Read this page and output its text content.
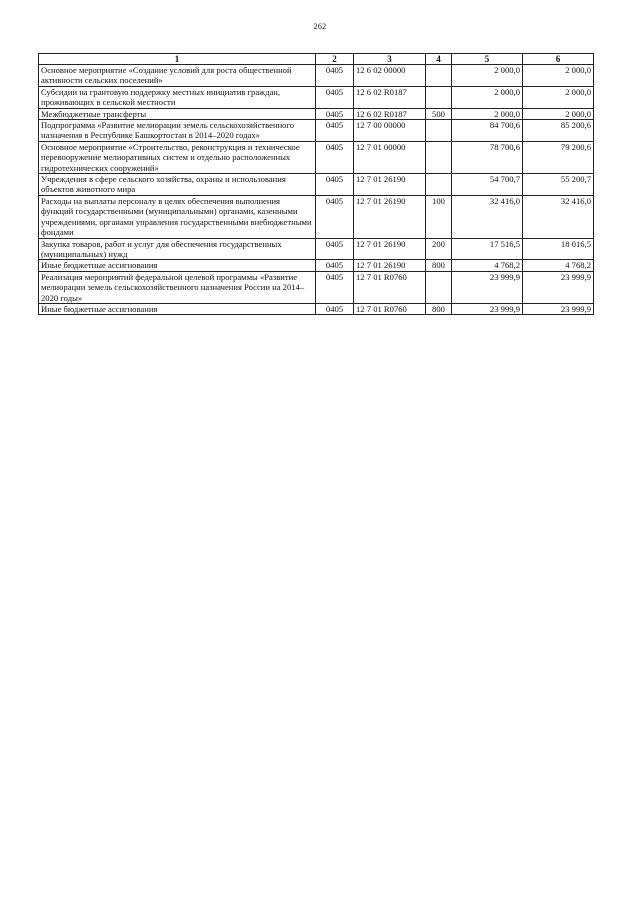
262
1	2	3	4	5	6
Основное мероприятие «Создание условий для роста общественной активности сельских поселений»	0405	12 6 02 00000		2 000,0	2 000,0
Субсидии на грантовую поддержку местных инициатив граждан, проживающих в сельской местности	0405	12 6 02 R0187		2 000,0	2 000,0
Межбюджетные трансферты	0405	12 6 02 R0187	500	2 000,0	2 000,0
Подпрограмма «Развитие мелиорации земель сельскохозяйственного назначения в Республике Башкортостан в 2014–2020 годах»	0405	12 7 00 00000		84 700,6	85 200,6
Основное мероприятие «Строительство, реконструкция и техническое перевооружение мелиоративных систем и отдельно расположенных гидротехнических сооружений»	0405	12 7 01 00000		78 700,6	79 200,6
Учреждения в сфере сельского хозяйства, охраны и использования объектов животного мира	0405	12 7 01 26190		54 700,7	55 200,7
Расходы на выплаты персоналу в целях обеспечения выполнения функций государственными (муниципальными) органами, казенными учреждениями, органами управления государственными внебюджетными фондами	0405	12 7 01 26190	100	32 416,0	32 416,0
Закупка товаров, работ и услуг для обеспечения государственных (муниципальных) нужд	0405	12 7 01 26190	200	17 516,5	18 016,5
Иные бюджетные ассигнования	0405	12 7 01 26190	800	4 768,2	4 768,2
Реализация мероприятий федеральной целевой программы «Развитие мелиорации земель сельскохозяйственного назначения России на 2014–2020 годы»	0405	12 7 01 R0760		23 999,9	23 999,9
Иные бюджетные ассигнования	0405	12 7 01 R0760	800	23 999,9	23 999,9
